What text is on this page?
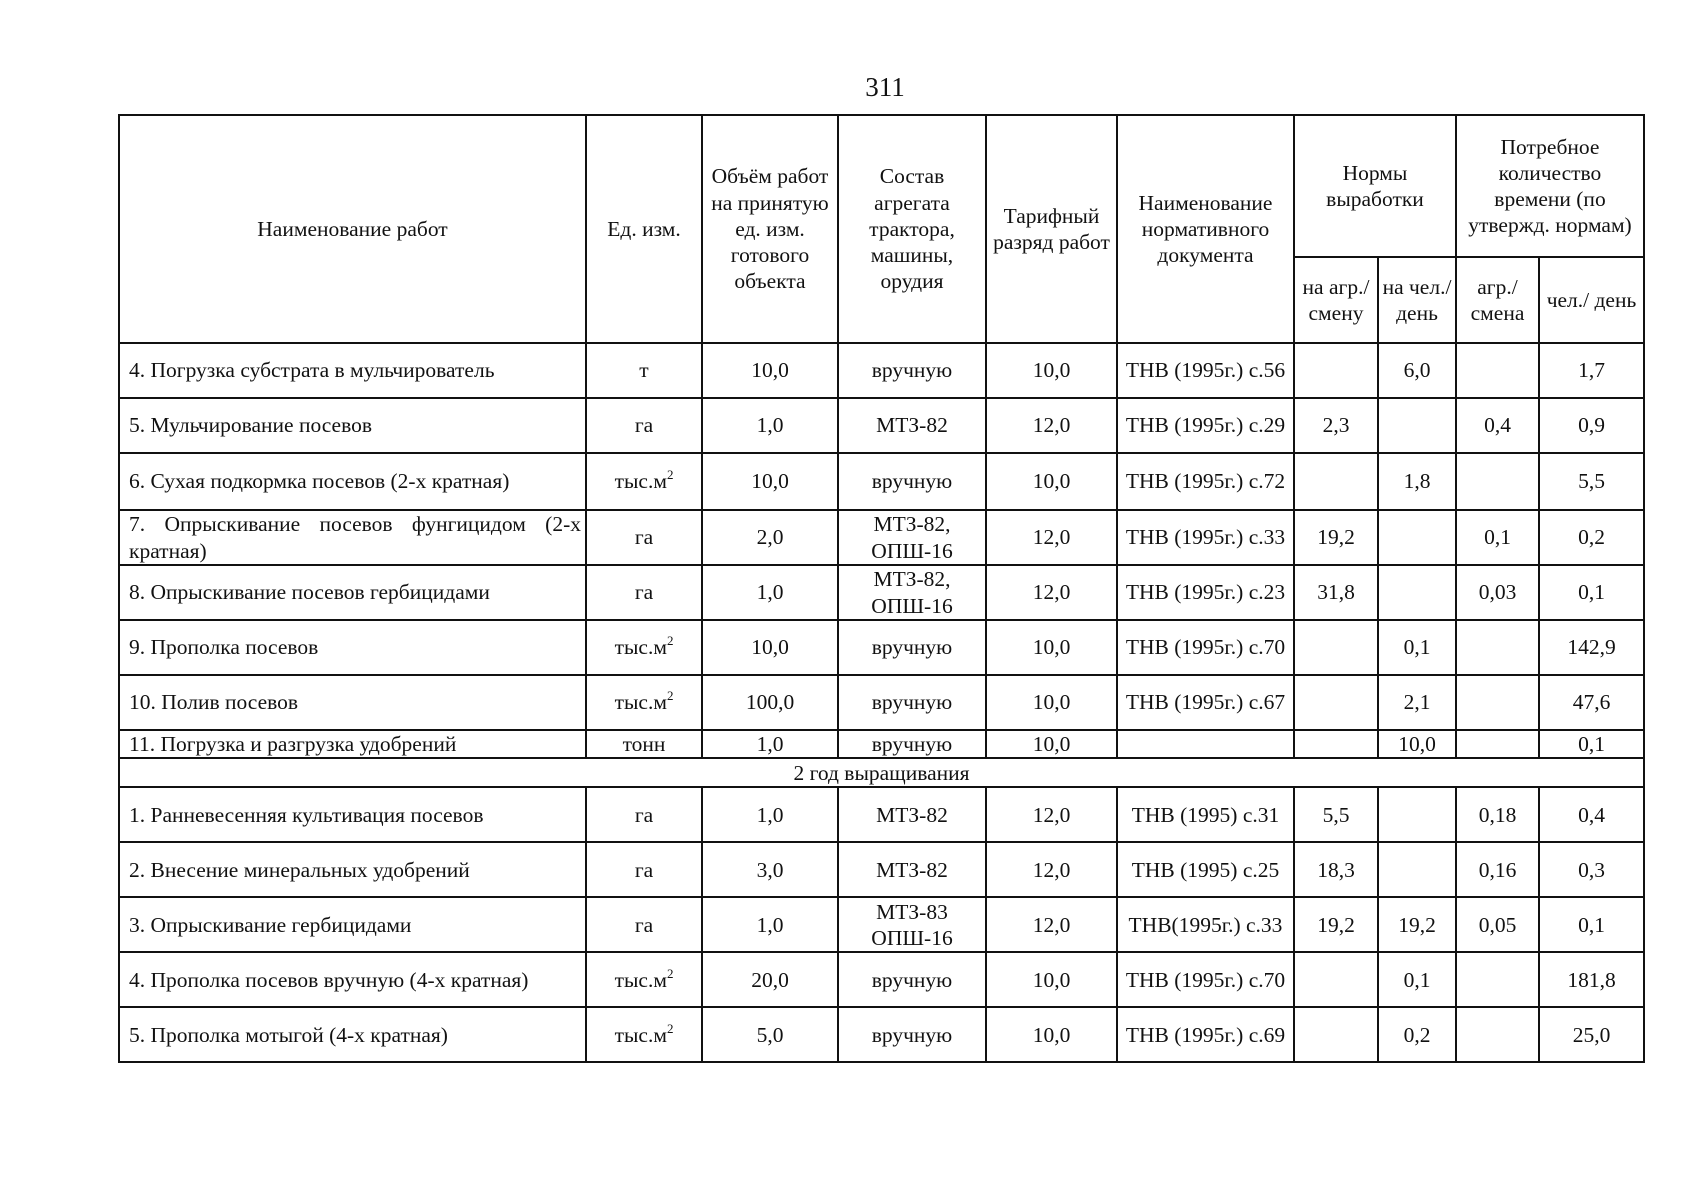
311
Наименование работ	Ед. изм.	Объём работ на принятую ед. изм. готового объекта	Состав агрегата трактора, машины, орудия	Тарифный разряд работ	Наименование нормативного документа	Нормы выработки		Потребное количество времени (по утвержд. нормам)	
						на агр./ смену	на чел./ день	агр./ смена	чел./ день
4. Погрузка субстрата в мульчирователь	т	10,0	вручную	10,0	ТНВ (1995г.) с.56		6,0		1,7
5. Мульчирование посевов	га	1,0	МТЗ-82	12,0	ТНВ (1995г.) с.29	2,3		0,4	0,9
6. Сухая подкормка посевов (2-х кратная)	$тыс.м^2$	10,0	вручную	10,0	ТНВ (1995г.) с.72		1,8		5,5
7. Опрыскивание посевов фунгицидом (2-х кратная)	га	2,0	МТЗ-82, ОПШ-16	12,0	ТНВ (1995г.) с.33	19,2		0,1	0,2
8. Опрыскивание посевов гербицидами	га	1,0	МТЗ-82, ОПШ-16	12,0	ТНВ (1995г.) с.23	31,8		0,03	0,1
9. Прополка посевов	$тыс.м^2$	10,0	вручную	10,0	ТНВ (1995г.) с.70		0,1		142,9
10. Полив посевов	$тыс.м^2$	100,0	вручную	10,0	ТНВ (1995г.) с.67		2,1		47,6
11. Погрузка и разгрузка удобрений	тонн	1,0	вручную	10,0			10,0		0,1
2 год выращивания									
1. Ранневесенняя культивация посевов	га	1,0	МТЗ-82	12,0	ТНВ (1995) с.31	5,5		0,18	0,4
2. Внесение минеральных удобрений	га	3,0	МТЗ-82	12,0	ТНВ (1995) с.25	18,3		0,16	0,3
3. Опрыскивание гербицидами	га	1,0	МТЗ-83 ОПШ-16	12,0	ТНВ(1995г.) с.33	19,2	19,2	0,05	0,1
4. Прополка посевов вручную (4-х кратная)	$тыс.м^2$	20,0	вручную	10,0	ТНВ (1995г.) с.70		0,1		181,8
5. Прополка мотыгой (4-х кратная)	$тыс.м^2$	5,0	вручную	10,0	ТНВ (1995г.) с.69		0,2		25,0
